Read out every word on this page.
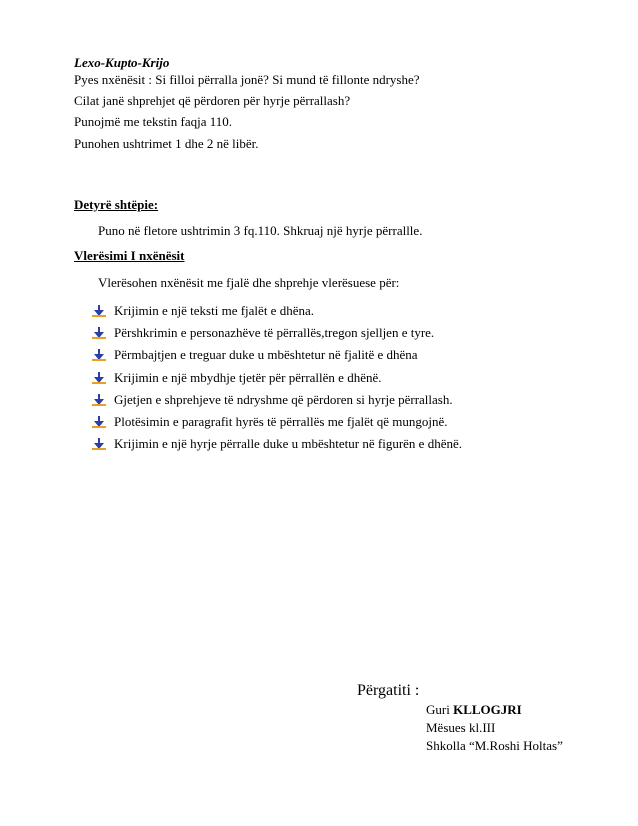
Lexo-Kupto-Krijo
Pyes nxënësit : Si filloi përralla jonë? Si mund të fillonte ndryshe?
Cilat janë shprehjet që përdoren për hyrje përrallash?
Punojmë me tekstin faqja 110.
Punohen ushtrimet 1 dhe 2 në libër.
Detyrë shtëpie:
Puno në fletore ushtrimin 3 fq.110. Shkruaj një hyrje përrallle.
Vlerësimi I nxënësit
Vlerësohen nxënësit me fjalë dhe shprehje vlerësuese për:
Krijimin e një teksti me fjalët e dhëna.
Përshkrimin e personazhëve të përrallës,tregon sjelljen e tyre.
Përmbajtjen e treguar duke u mbështetur në fjalitë e dhëna
Krijimin e një mbydhje tjetër për përrallën e dhënë.
Gjetjen e shprehjeve të ndryshme që përdoren si hyrje përrallash.
Plotësimin e paragrafit hyrës të përrallës me fjalët që mungojnë.
Krijimin e një hyrje përralle duke u mbështetur në figurën e dhënë.
Përgatiti :
Guri KLLOGJRI
Mësues kl.III
Shkolla “M.Roshi Holtas”
